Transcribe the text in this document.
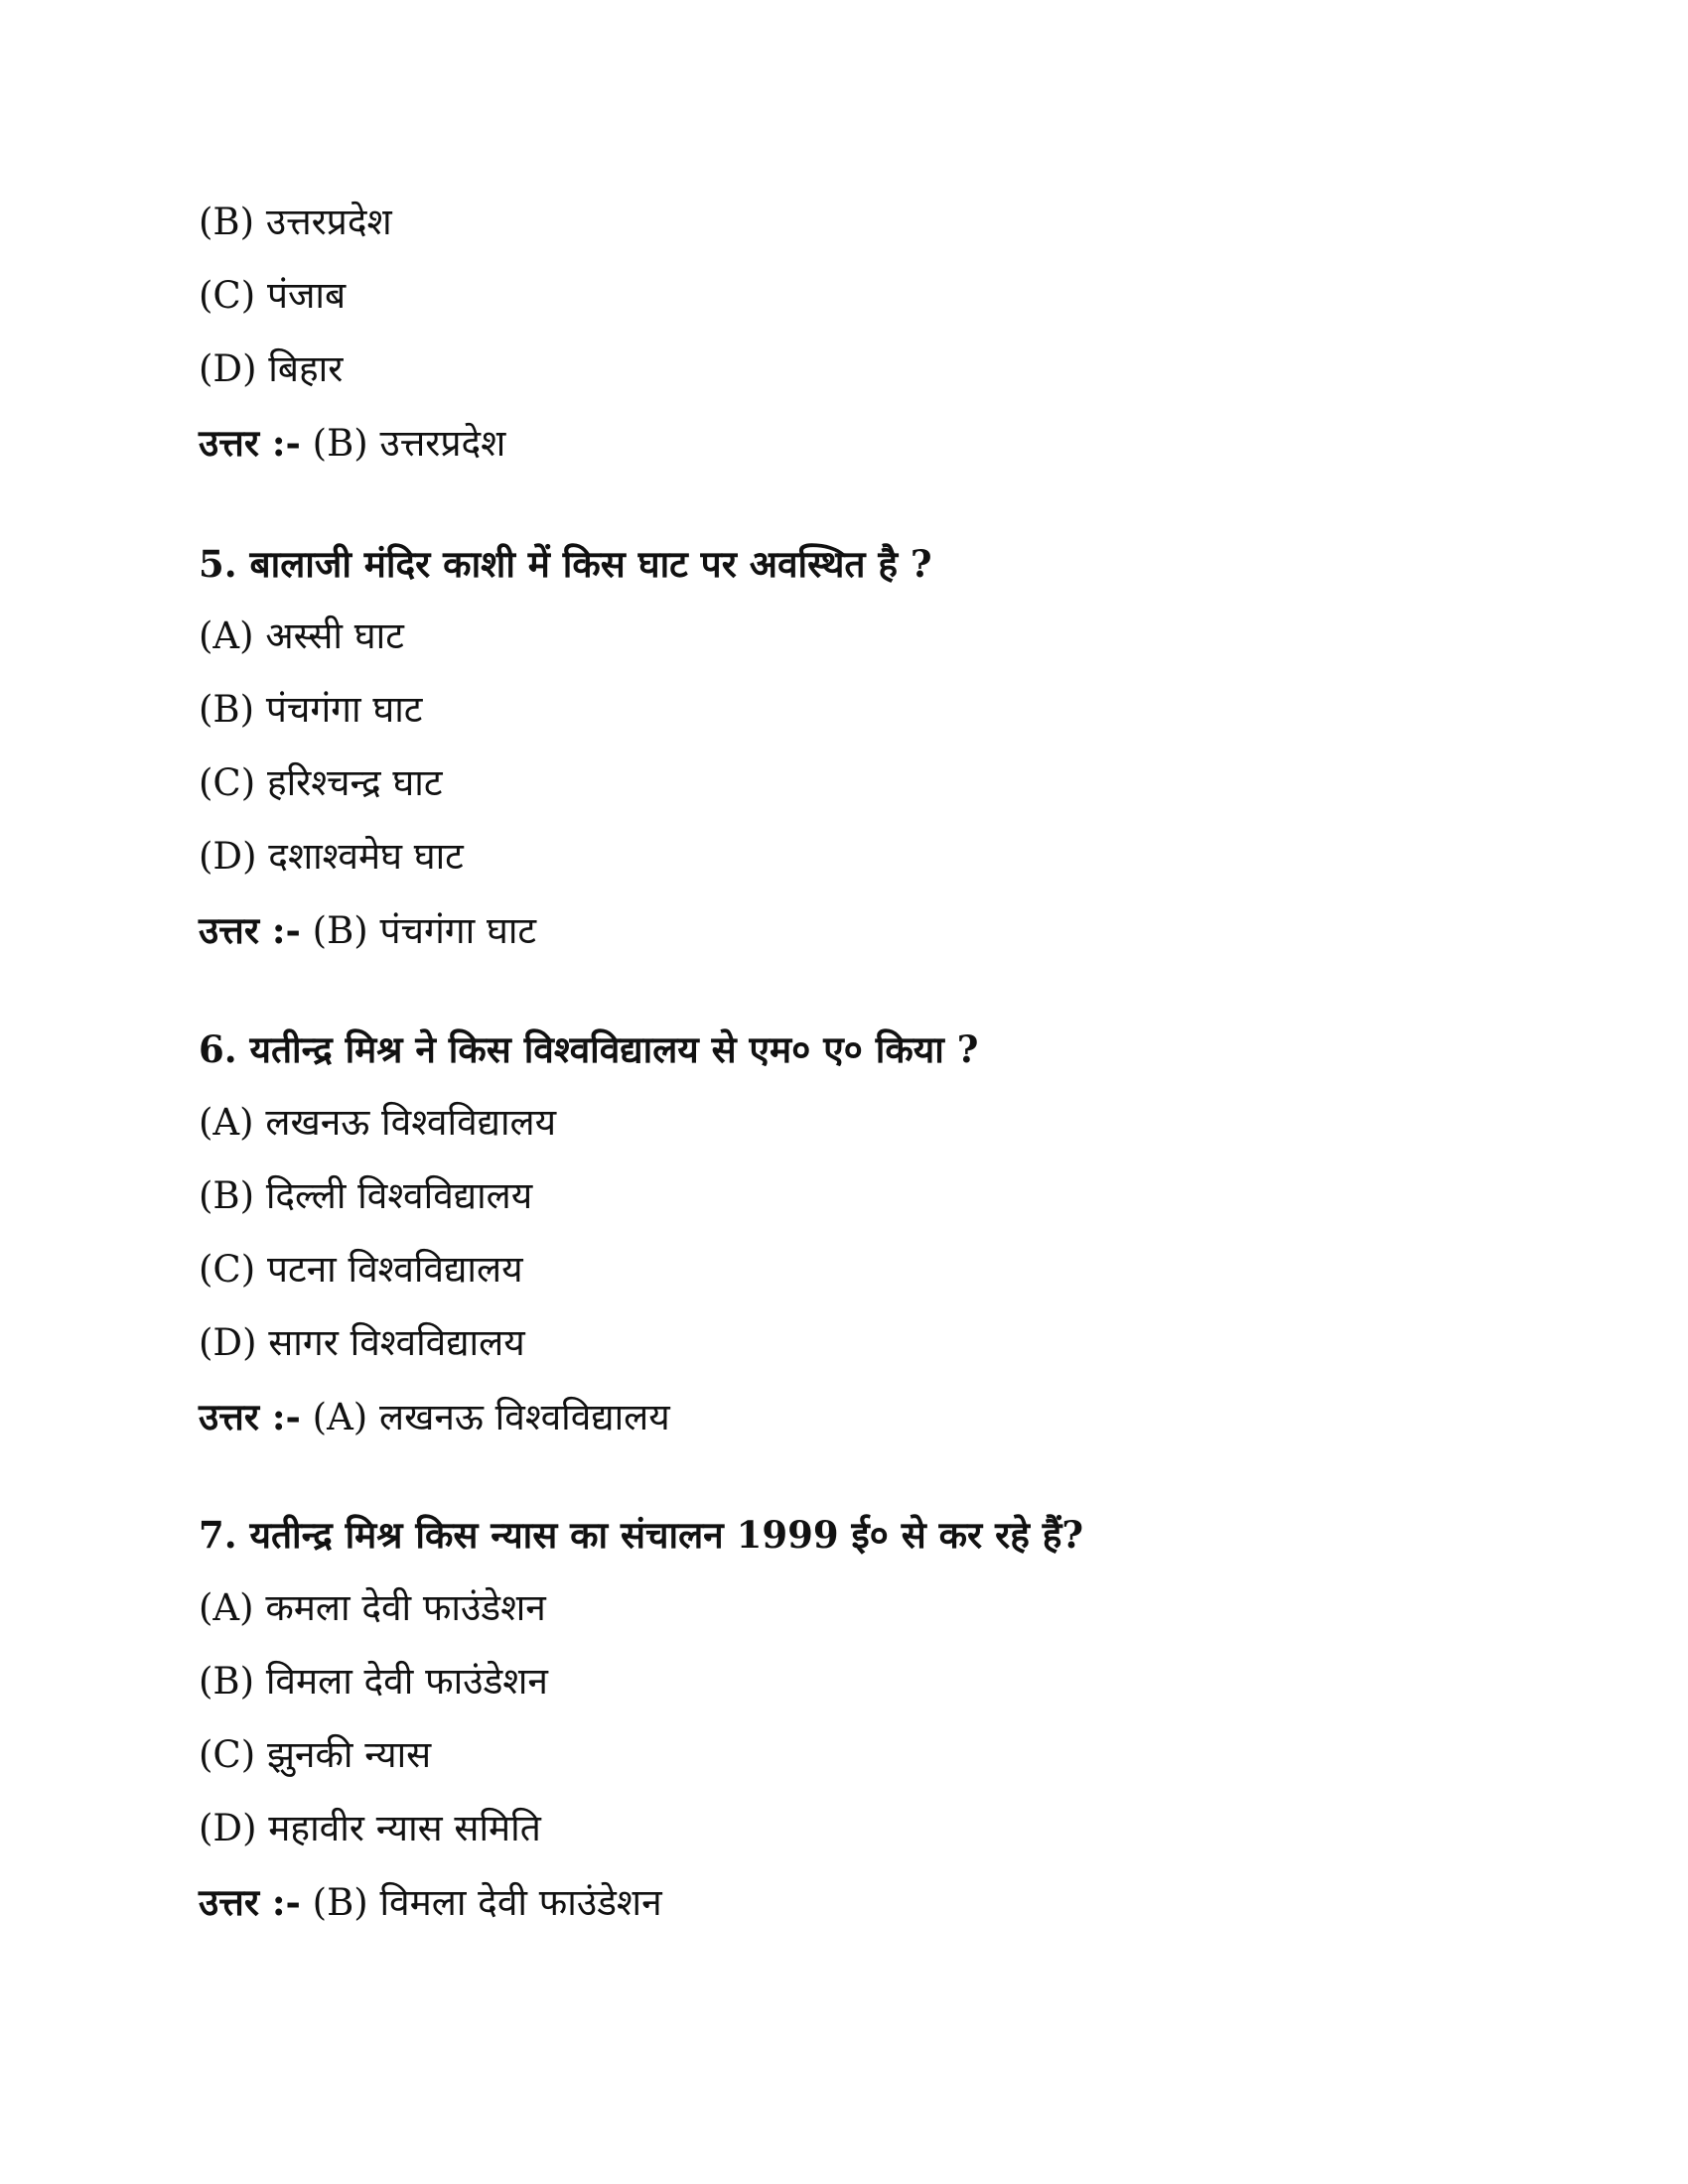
(B) उत्तरप्रदेश
(C) पंजाब
(D) बिहार
उत्तर :- (B) उत्तरप्रदेश
5. बालाजी मंदिर काशी में किस घाट पर अवस्थित है ?
(A) अस्सी घाट
(B) पंचगंगा घाट
(C) हरिश्चन्द्र घाट
(D) दशाश्वमेघ घाट
उत्तर :- (B) पंचगंगा घाट
6. यतीन्द्र मिश्र ने किस विश्वविद्यालय से एम० ए० किया ?
(A) लखनऊ विश्वविद्यालय
(B) दिल्ली विश्वविद्यालय
(C) पटना विश्वविद्यालय
(D) सागर विश्वविद्यालय
उत्तर :- (A) लखनऊ विश्वविद्यालय
7. यतीन्द्र मिश्र किस न्यास का संचालन 1999 ई० से कर रहे हैं?
(A) कमला देवी फाउंडेशन
(B) विमला देवी फाउंडेशन
(C) झुनकी न्यास
(D) महावीर न्यास समिति
उत्तर :- (B) विमला देवी फाउंडेशन
